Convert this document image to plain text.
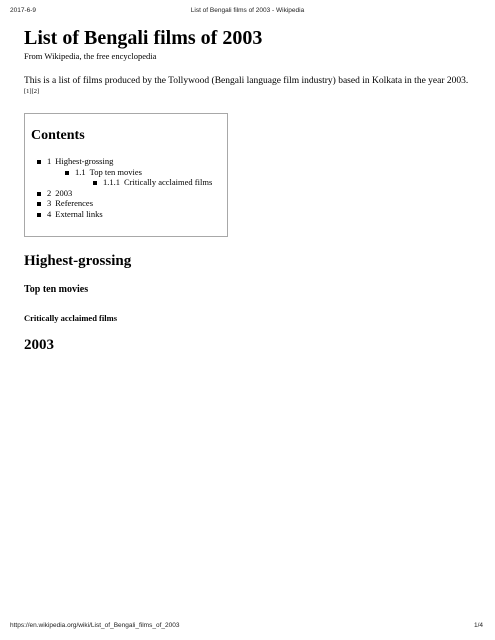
2017-6-9	List of Bengali films of 2003 - Wikipedia
List of Bengali films of 2003
From Wikipedia, the free encyclopedia

This is a list of films produced by the Tollywood (Bengali language film industry) based in Kolkata in the year 2003.[1][2]

Contents
1 Highest-grossing
1.1 Top ten movies
1.1.1 Critically acclaimed films
2 2003
3 References
4 External links
Highest-grossing
Top ten movies
Critically acclaimed films
2003
https://en.wikipedia.org/wiki/List_of_Bengali_films_of_2003	1/4
